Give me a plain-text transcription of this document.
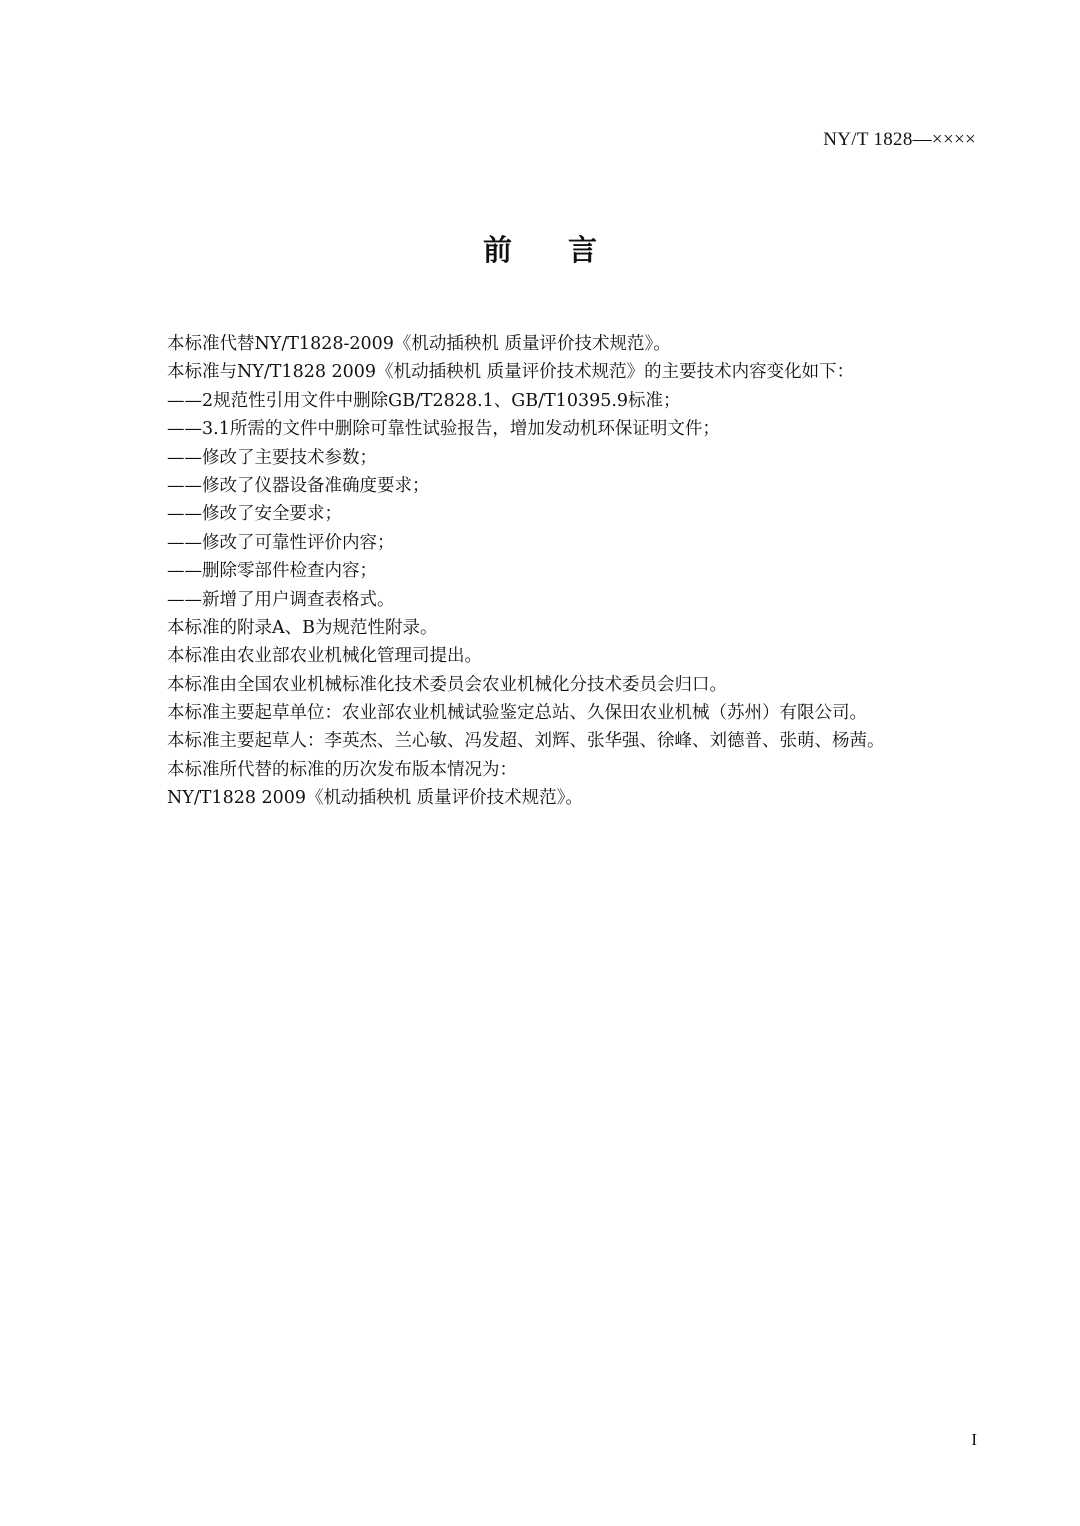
NY/T 1828—××××
前言
本标准代替NY/T1828-2009《机动插秧机 质量评价技术规范》。
本标准与NY/T1828 2009《机动插秧机 质量评价技术规范》的主要技术内容变化如下：
——2规范性引用文件中删除GB/T2828.1、GB/T10395.9标准；
——3.1所需的文件中删除可靠性试验报告，增加发动机环保证明文件；
——修改了主要技术参数；
——修改了仪器设备准确度要求；
——修改了安全要求；
——修改了可靠性评价内容；
——删除零部件检查内容；
——新增了用户调查表格式。
本标准的附录A、B为规范性附录。
本标准由农业部农业机械化管理司提出。
本标准由全国农业机械标准化技术委员会农业机械化分技术委员会归口。
本标准主要起草单位：农业部农业机械试验鉴定总站、久保田农业机械（苏州）有限公司。
本标准主要起草人：李英杰、兰心敏、冯发超、刘辉、张华强、徐峰、刘德普、张萌、杨茜。
本标准所代替的标准的历次发布版本情况为：
NY/T1828 2009《机动插秧机 质量评价技术规范》。
I
